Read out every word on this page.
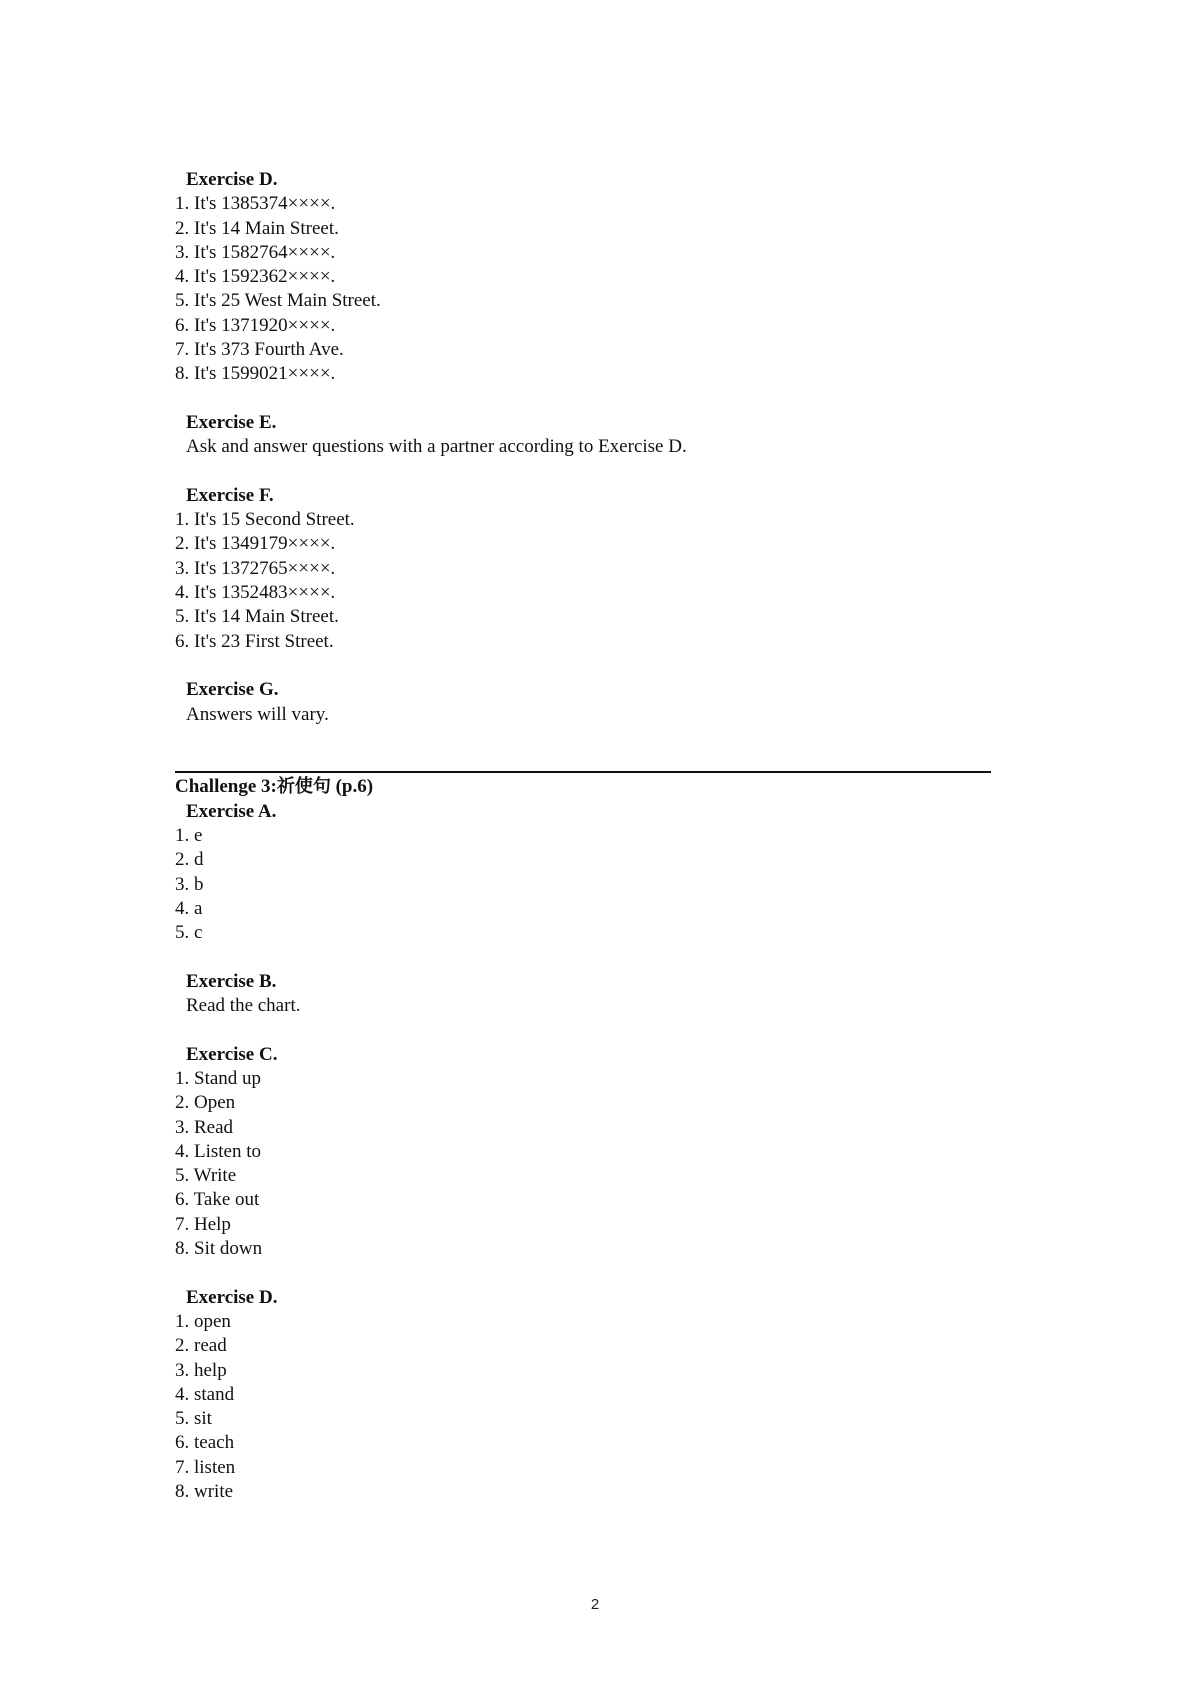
Exercise D.
1. It's 1385374××××.
2. It's 14 Main Street.
3. It's 1582764××××.
4. It's 1592362××××.
5. It's 25 West Main Street.
6. It's 1371920××××.
7. It's 373 Fourth Ave.
8. It's 1599021××××.
Exercise E.
Ask and answer questions with a partner according to Exercise D.
Exercise F.
1. It's 15 Second Street.
2. It's 1349179××××.
3. It's 1372765××××.
4. It's 1352483××××.
5. It's 14 Main Street.
6. It's 23 First Street.
Exercise G.
Answers will vary.
Challenge 3:祈使句 (p.6)
Exercise A.
1. e
2. d
3. b
4. a
5. c
Exercise B.
Read the chart.
Exercise C.
1. Stand up
2. Open
3. Read
4. Listen to
5. Write
6. Take out
7. Help
8. Sit down
Exercise D.
1. open
2. read
3. help
4. stand
5. sit
6. teach
7. listen
8. write
2
